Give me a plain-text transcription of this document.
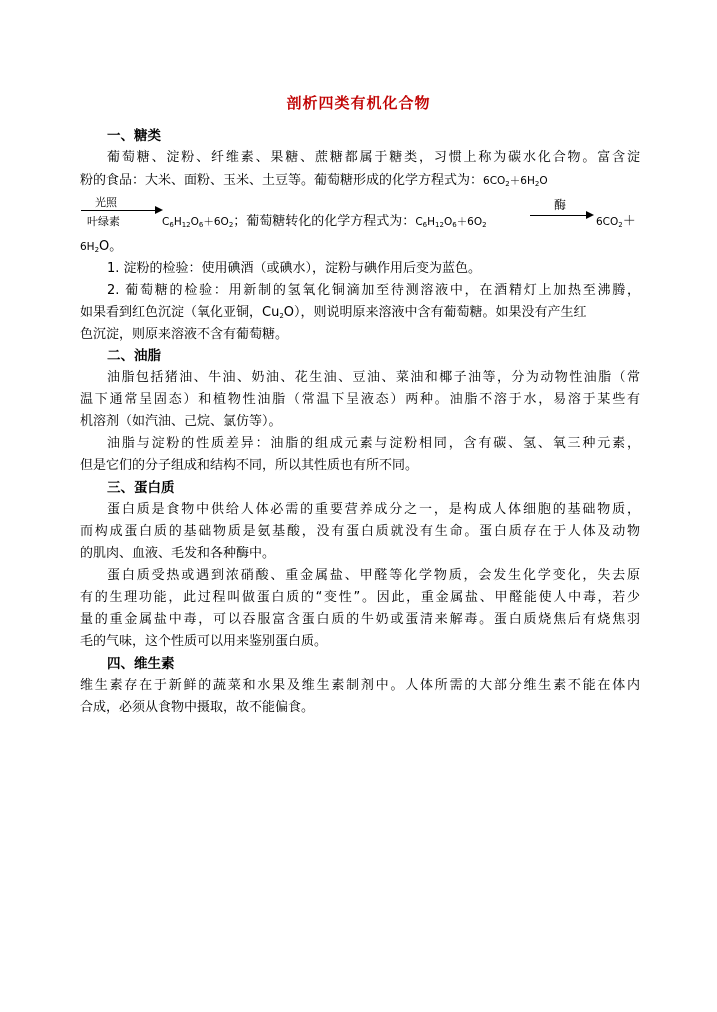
剖析四类有机化合物
一、糖类
葡萄糖、淀粉、纤维素、果糖、蔗糖都属于糖类，习惯上称为碳水化合物。富含淀
粉的食品：大米、面粉、玉米、土豆等。葡萄糖形成的化学方程式为：$6CO_2+6H_2O$
光照
叶绿素	$C_6H_{12}O_6+6O_2$；葡萄糖转化的化学方程式为：$C_6H_{12}O_6+6O_2$
酶
$6CO_2+$
$6H_2O$。
1. 淀粉的检验：使用碘酒（或碘水），淀粉与碘作用后变为蓝色。
2. 葡萄糖的检验：用新制的氢氧化铜滴加至待测溶液中，在酒精灯上加热至沸腾，
如果看到红色沉淀（氧化亚铜，$Cu_2O$），则说明原来溶液中含有葡萄糖。如果没有产生红
色沉淀，则原来溶液不含有葡萄糖。
二、油脂
油脂包括猪油、牛油、奶油、花生油、豆油、菜油和椰子油等，分为动物性油脂（常
温下通常呈固态）和植物性油脂（常温下呈液态）两种。油脂不溶于水，易溶于某些有
机溶剂（如汽油、己烷、氯仿等）。
油脂与淀粉的性质差异：油脂的组成元素与淀粉相同，含有碳、氢、氧三种元素，
但是它们的分子组成和结构不同，所以其性质也有所不同。
三、蛋白质
蛋白质是食物中供给人体必需的重要营养成分之一，是构成人体细胞的基础物质，
而构成蛋白质的基础物质是氨基酸，没有蛋白质就没有生命。蛋白质存在于人体及动物
的肌肉、血液、毛发和各种酶中。
蛋白质受热或遇到浓硝酸、重金属盐、甲醛等化学物质，会发生化学变化，失去原
有的生理功能，此过程叫做蛋白质的“变性”。因此，重金属盐、甲醛能使人中毒，若少
量的重金属盐中毒，可以吞服富含蛋白质的牛奶或蛋清来解毒。蛋白质烧焦后有烧焦羽
毛的气味，这个性质可以用来鉴别蛋白质。
四、维生素
维生素存在于新鲜的蔬菜和水果及维生素制剂中。人体所需的大部分维生素不能在体内
合成，必须从食物中摄取，故不能偏食。
